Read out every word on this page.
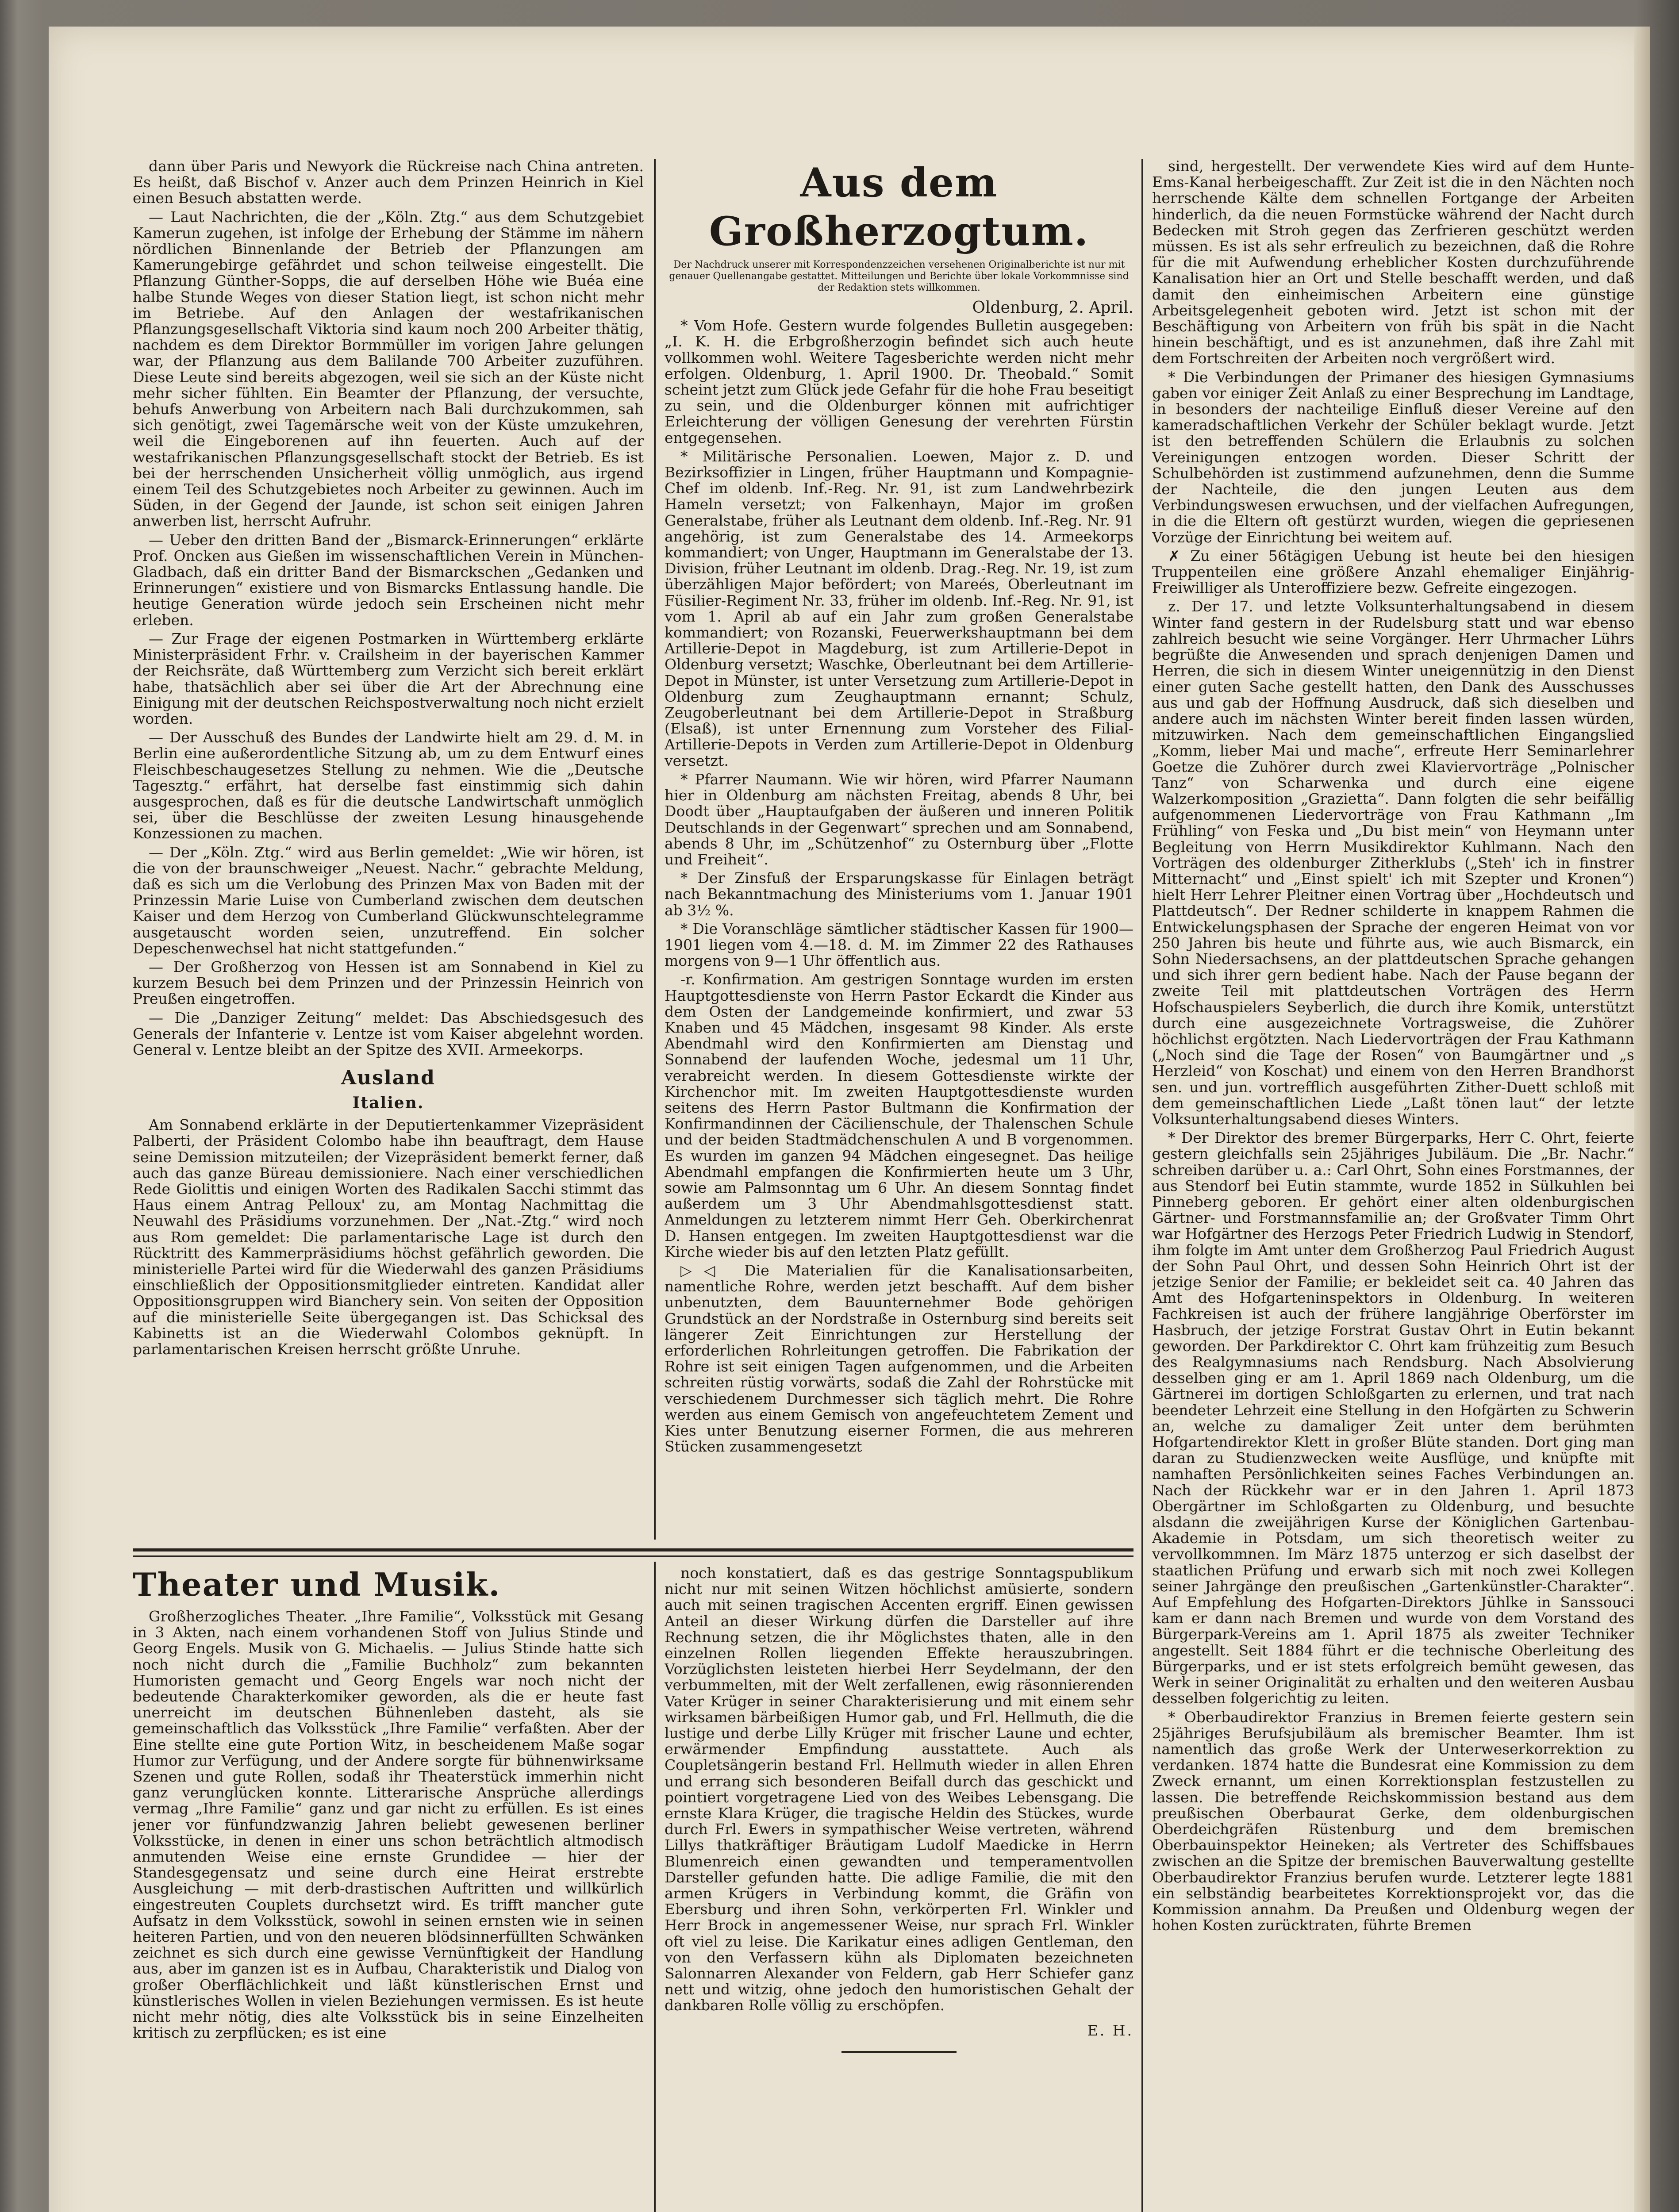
dann über Paris und Newyork die Rückreise nach China antreten. Es heißt, daß Bischof v. Anzer auch dem Prinzen Heinrich in Kiel einen Besuch abstatten werde.

— Laut Nachrichten, die der „Köln. Ztg.“ aus dem Schutzgebiet Kamerun zugehen, ist infolge der Erhebung der Stämme im nähern nördlichen Binnenlande der Betrieb der Pflanzungen am Kamerungebirge gefährdet und schon teilweise eingestellt. Die Pflanzung Günther-Sopps, die auf derselben Höhe wie Buéa eine halbe Stunde Weges von dieser Station liegt, ist schon nicht mehr im Betriebe. Auf den Anlagen der westafrikanischen Pflanzungsgesellschaft Viktoria sind kaum noch 200 Arbeiter thätig, nachdem es dem Direktor Bormmüller im vorigen Jahre gelungen war, der Pflanzung aus dem Balilande 700 Arbeiter zuzuführen. Diese Leute sind bereits abgezogen, weil sie sich an der Küste nicht mehr sicher fühlten. Ein Beamter der Pflanzung, der versuchte, behufs Anwerbung von Arbeitern nach Bali durchzukommen, sah sich genötigt, zwei Tagemärsche weit von der Küste umzukehren, weil die Eingeborenen auf ihn feuerten. Auch auf der westafrikanischen Pflanzungsgesellschaft stockt der Betrieb. Es ist bei der herrschenden Unsicherheit völlig unmöglich, aus irgend einem Teil des Schutzgebietes noch Arbeiter zu gewinnen. Auch im Süden, in der Gegend der Jaunde, ist schon seit einigen Jahren anwerben list, herrscht Aufruhr.

— Ueber den dritten Band der „Bismarck-Erinnerungen“ erklärte Prof. Oncken aus Gießen im wissenschaftlichen Verein in München-Gladbach, daß ein dritter Band der Bismarckschen „Gedanken und Erinnerungen“ existiere und von Bismarcks Entlassung handle. Die heutige Generation würde jedoch sein Erscheinen nicht mehr erleben.

— Zur Frage der eigenen Postmarken in Württemberg erklärte Ministerpräsident Frhr. v. Crailsheim in der bayerischen Kammer der Reichsräte, daß Württemberg zum Verzicht sich bereit erklärt habe, thatsächlich aber sei über die Art der Abrechnung eine Einigung mit der deutschen Reichspostverwaltung noch nicht erzielt worden.

— Der Ausschuß des Bundes der Landwirte hielt am 29. d. M. in Berlin eine außerordentliche Sitzung ab, um zu dem Entwurf eines Fleischbeschaugesetzes Stellung zu nehmen. Wie die „Deutsche Tagesztg.“ erfährt, hat derselbe fast einstimmig sich dahin ausgesprochen, daß es für die deutsche Landwirtschaft unmöglich sei, über die Beschlüsse der zweiten Lesung hinausgehende Konzessionen zu machen.

— Der „Köln. Ztg.“ wird aus Berlin gemeldet: „Wie wir hören, ist die von der braunschweiger „Neuest. Nachr.“ gebrachte Meldung, daß es sich um die Verlobung des Prinzen Max von Baden mit der Prinzessin Marie Luise von Cumberland zwischen dem deutschen Kaiser und dem Herzog von Cumberland Glückwunschtelegramme ausgetauscht worden seien, unzutreffend. Ein solcher Depeschenwechsel hat nicht stattgefunden.“

— Der Großherzog von Hessen ist am Sonnabend in Kiel zu kurzem Besuch bei dem Prinzen und der Prinzessin Heinrich von Preußen eingetroffen.

— Die „Danziger Zeitung“ meldet: Das Abschiedsgesuch des Generals der Infanterie v. Lentze ist vom Kaiser abgelehnt worden. General v. Lentze bleibt an der Spitze des XVII. Armeekorps.

Ausland
Italien.

Am Sonnabend erklärte in der Deputiertenkammer Vizepräsident Palberti, der Präsident Colombo habe ihn beauftragt, dem Hause seine Demission mitzuteilen; der Vizepräsident bemerkt ferner, daß auch das ganze Büreau demissioniere. Nach einer verschiedlichen Rede Giolittis und einigen Worten des Radikalen Sacchi stimmt das Haus einem Antrag Pelloux' zu, am Montag Nachmittag die Neuwahl des Präsidiums vorzunehmen. Der „Nat.-Ztg.“ wird noch aus Rom gemeldet: Die parlamentarische Lage ist durch den Rücktritt des Kammerpräsidiums höchst gefährlich geworden. Die ministerielle Partei wird für die Wiederwahl des ganzen Präsidiums einschließlich der Oppositionsmitglieder eintreten. Kandidat aller Oppositionsgruppen wird Bianchery sein. Von seiten der Opposition auf die ministerielle Seite übergegangen ist. Das Schicksal des Kabinetts ist an die Wiederwahl Colombos geknüpft. In parlamentarischen Kreisen herrscht größte Unruhe.

Aus dem Großherzogtum.
Der Nachdruck unserer mit Korrespondenzzeichen versehenen Originalberichte ist nur mit genauer Quellenangabe gestattet. Mitteilungen und Berichte über lokale Vorkommnisse sind der Redaktion stets willkommen.
Oldenburg, 2. April.

* Vom Hofe. Gestern wurde folgendes Bulletin ausgegeben: „I. K. H. die Erbgroßherzogin befindet sich auch heute vollkommen wohl. Weitere Tagesberichte werden nicht mehr erfolgen. Oldenburg, 1. April 1900. Dr. Theobald.“ Somit scheint jetzt zum Glück jede Gefahr für die hohe Frau beseitigt zu sein, und die Oldenburger können mit aufrichtiger Erleichterung der völligen Genesung der verehrten Fürstin entgegensehen.

* Militärische Personalien. Loewen, Major z. D. und Bezirksoffizier in Lingen, früher Hauptmann und Kompagnie-Chef im oldenb. Inf.-Reg. Nr. 91, ist zum Landwehrbezirk Hameln versetzt; von Falkenhayn, Major im großen Generalstabe, früher als Leutnant dem oldenb. Inf.-Reg. Nr. 91 angehörig, ist zum Generalstabe des 14. Armeekorps kommandiert; von Unger, Hauptmann im Generalstabe der 13. Division, früher Leutnant im oldenb. Drag.-Reg. Nr. 19, ist zum überzähligen Major befördert; von Mareés, Oberleutnant im Füsilier-Regiment Nr. 33, früher im oldenb. Inf.-Reg. Nr. 91, ist vom 1. April ab auf ein Jahr zum großen Generalstabe kommandiert; von Rozanski, Feuerwerkshauptmann bei dem Artillerie-Depot in Magdeburg, ist zum Artillerie-Depot in Oldenburg versetzt; Waschke, Oberleutnant bei dem Artillerie-Depot in Münster, ist unter Versetzung zum Artillerie-Depot in Oldenburg zum Zeughauptmann ernannt; Schulz, Zeugoberleutnant bei dem Artillerie-Depot in Straßburg (Elsaß), ist unter Ernennung zum Vorsteher des Filial-Artillerie-Depots in Verden zum Artillerie-Depot in Oldenburg versetzt.

* Pfarrer Naumann. Wie wir hören, wird Pfarrer Naumann hier in Oldenburg am nächsten Freitag, abends 8 Uhr, bei Doodt über „Hauptaufgaben der äußeren und inneren Politik Deutschlands in der Gegenwart“ sprechen und am Sonnabend, abends 8 Uhr, im „Schützenhof“ zu Osternburg über „Flotte und Freiheit“.

* Der Zinsfuß der Ersparungskasse für Einlagen beträgt nach Bekanntmachung des Ministeriums vom 1. Januar 1901 ab 3½ %.

* Die Voranschläge sämtlicher städtischer Kassen für 1900—1901 liegen vom 4.—18. d. M. im Zimmer 22 des Rathauses morgens von 9—1 Uhr öffentlich aus.

-r. Konfirmation. Am gestrigen Sonntage wurden im ersten Hauptgottesdienste von Herrn Pastor Eckardt die Kinder aus dem Osten der Landgemeinde konfirmiert, und zwar 53 Knaben und 45 Mädchen, insgesamt 98 Kinder. Als erste Abendmahl wird den Konfirmierten am Dienstag und Sonnabend der laufenden Woche, jedesmal um 11 Uhr, verabreicht werden. In diesem Gottesdienste wirkte der Kirchenchor mit. Im zweiten Hauptgottesdienste wurden seitens des Herrn Pastor Bultmann die Konfirmation der Konfirmandinnen der Cäcilienschule, der Thalenschen Schule und der beiden Stadtmädchenschulen A und B vorgenommen. Es wurden im ganzen 94 Mädchen eingesegnet. Das heilige Abendmahl empfangen die Konfirmierten heute um 3 Uhr, sowie am Palmsonntag um 6 Uhr. An diesem Sonntag findet außerdem um 3 Uhr Abendmahlsgottesdienst statt. Anmeldungen zu letzterem nimmt Herr Geh. Oberkirchenrat D. Hansen entgegen. Im zweiten Hauptgottesdienst war die Kirche wieder bis auf den letzten Platz gefüllt.

▷◁ Die Materialien für die Kanalisationsarbeiten, namentliche Rohre, werden jetzt beschafft. Auf dem bisher unbenutzten, dem Bauunternehmer Bode gehörigen Grundstück an der Nordstraße in Osternburg sind bereits seit längerer Zeit Einrichtungen zur Herstellung der erforderlichen Rohrleitungen getroffen. Die Fabrikation der Rohre ist seit einigen Tagen aufgenommen, und die Arbeiten schreiten rüstig vorwärts, sodaß die Zahl der Rohrstücke mit verschiedenem Durchmesser sich täglich mehrt. Die Rohre werden aus einem Gemisch von angefeuchtetem Zement und Kies unter Benutzung eiserner Formen, die aus mehreren Stücken zusammengesetzt

sind, hergestellt. Der verwendete Kies wird auf dem Hunte-Ems-Kanal herbeigeschafft. Zur Zeit ist die in den Nächten noch herrschende Kälte dem schnellen Fortgange der Arbeiten hinderlich, da die neuen Formstücke während der Nacht durch Bedecken mit Stroh gegen das Zerfrieren geschützt werden müssen. Es ist als sehr erfreulich zu bezeichnen, daß die Rohre für die mit Aufwendung erheblicher Kosten durchzuführende Kanalisation hier an Ort und Stelle beschafft werden, und daß damit den einheimischen Arbeitern eine günstige Arbeitsgelegenheit geboten wird. Jetzt ist schon mit der Beschäftigung von Arbeitern von früh bis spät in die Nacht hinein beschäftigt, und es ist anzunehmen, daß ihre Zahl mit dem Fortschreiten der Arbeiten noch vergrößert wird.

* Die Verbindungen der Primaner des hiesigen Gymnasiums gaben vor einiger Zeit Anlaß zu einer Besprechung im Landtage, in besonders der nachteilige Einfluß dieser Vereine auf den kameradschaftlichen Verkehr der Schüler beklagt wurde. Jetzt ist den betreffenden Schülern die Erlaubnis zu solchen Vereinigungen entzogen worden. Dieser Schritt der Schulbehörden ist zustimmend aufzunehmen, denn die Summe der Nachteile, die den jungen Leuten aus dem Verbindungswesen erwuchsen, und der vielfachen Aufregungen, in die die Eltern oft gestürzt wurden, wiegen die gepriesenen Vorzüge der Einrichtung bei weitem auf.

✗ Zu einer 56tägigen Uebung ist heute bei den hiesigen Truppenteilen eine größere Anzahl ehemaliger Einjährig-Freiwilliger als Unteroffiziere bezw. Gefreite eingezogen.

z. Der 17. und letzte Volksunterhaltungsabend in diesem Winter fand gestern in der Rudelsburg statt und war ebenso zahlreich besucht wie seine Vorgänger. Herr Uhrmacher Lührs begrüßte die Anwesenden und sprach denjenigen Damen und Herren, die sich in diesem Winter uneigennützig in den Dienst einer guten Sache gestellt hatten, den Dank des Ausschusses aus und gab der Hoffnung Ausdruck, daß sich dieselben und andere auch im nächsten Winter bereit finden lassen würden, mitzuwirken. Nach dem gemeinschaftlichen Eingangslied „Komm, lieber Mai und mache“, erfreute Herr Seminarlehrer Goetze die Zuhörer durch zwei Klaviervorträge „Polnischer Tanz“ von Scharwenka und durch eine eigene Walzerkomposition „Grazietta“. Dann folgten die sehr beifällig aufgenommenen Liedervorträge von Frau Kathmann „Im Frühling“ von Feska und „Du bist mein“ von Heymann unter Begleitung von Herrn Musikdirektor Kuhlmann. Nach den Vorträgen des oldenburger Zitherklubs („Steh' ich in finstrer Mitternacht“ und „Einst spielt' ich mit Szepter und Kronen“) hielt Herr Lehrer Pleitner einen Vortrag über „Hochdeutsch und Plattdeutsch“. Der Redner schilderte in knappem Rahmen die Entwickelungsphasen der Sprache der engeren Heimat von vor 250 Jahren bis heute und führte aus, wie auch Bismarck, ein Sohn Niedersachsens, an der plattdeutschen Sprache gehangen und sich ihrer gern bedient habe. Nach der Pause begann der zweite Teil mit plattdeutschen Vorträgen des Herrn Hofschauspielers Seyberlich, die durch ihre Komik, unterstützt durch eine ausgezeichnete Vortragsweise, die Zuhörer höchlichst ergötzten. Nach Liedervorträgen der Frau Kathmann („Noch sind die Tage der Rosen“ von Baumgärtner und „s Herzleid“ von Koschat) und einem von den Herren Brandhorst sen. und jun. vortrefflich ausgeführten Zither-Duett schloß mit dem gemeinschaftlichen Liede „Laßt tönen laut“ der letzte Volksunterhaltungsabend dieses Winters.

* Der Direktor des bremer Bürgerparks, Herr C. Ohrt, feierte gestern gleichfalls sein 25jähriges Jubiläum. Die „Br. Nachr.“ schreiben darüber u. a.: Carl Ohrt, Sohn eines Forstmannes, der aus Stendorf bei Eutin stammte, wurde 1852 in Sülkuhlen bei Pinneberg geboren. Er gehört einer alten oldenburgischen Gärtner- und Forstmannsfamilie an; der Großvater Timm Ohrt war Hofgärtner des Herzogs Peter Friedrich Ludwig in Stendorf, ihm folgte im Amt unter dem Großherzog Paul Friedrich August der Sohn Paul Ohrt, und dessen Sohn Heinrich Ohrt ist der jetzige Senior der Familie; er bekleidet seit ca. 40 Jahren das Amt des Hofgarteninspektors in Oldenburg. In weiteren Fachkreisen ist auch der frühere langjährige Oberförster im Hasbruch, der jetzige Forstrat Gustav Ohrt in Eutin bekannt geworden. Der Parkdirektor C. Ohrt kam frühzeitig zum Besuch des Realgymnasiums nach Rendsburg. Nach Absolvierung desselben ging er am 1. April 1869 nach Oldenburg, um die Gärtnerei im dortigen Schloßgarten zu erlernen, und trat nach beendeter Lehrzeit eine Stellung in den Hofgärten zu Schwerin an, welche zu damaliger Zeit unter dem berühmten Hofgartendirektor Klett in großer Blüte standen. Dort ging man daran zu Studienzwecken weite Ausflüge, und knüpfte mit namhaften Persönlichkeiten seines Faches Verbindungen an. Nach der Rückkehr war er in den Jahren 1. April 1873 Obergärtner im Schloßgarten zu Oldenburg, und besuchte alsdann die zweijährigen Kurse der Königlichen Gartenbau-Akademie in Potsdam, um sich theoretisch weiter zu vervollkommnen. Im März 1875 unterzog er sich daselbst der staatlichen Prüfung und erwarb sich mit noch zwei Kollegen seiner Jahrgänge den preußischen „Gartenkünstler-Charakter“. Auf Empfehlung des Hofgarten-Direktors Jühlke in Sanssouci kam er dann nach Bremen und wurde von dem Vorstand des Bürgerpark-Vereins am 1. April 1875 als zweiter Techniker angestellt. Seit 1884 führt er die technische Oberleitung des Bürgerparks, und er ist stets erfolgreich bemüht gewesen, das Werk in seiner Originalität zu erhalten und den weiteren Ausbau desselben folgerichtig zu leiten.

* Oberbaudirektor Franzius in Bremen feierte gestern sein 25jähriges Berufsjubiläum als bremischer Beamter. Ihm ist namentlich das große Werk der Unterweserkorrektion zu verdanken. 1874 hatte die Bundesrat eine Kommission zu dem Zweck ernannt, um einen Korrektionsplan festzustellen zu lassen. Die betreffende Reichskommission bestand aus dem preußischen Oberbaurat Gerke, dem oldenburgischen Oberdeichgräfen Rüstenburg und dem bremischen Oberbauinspektor Heineken; als Vertreter des Schiffsbaues zwischen an die Spitze der bremischen Bauverwaltung gestellte Oberbaudirektor Franzius berufen wurde. Letzterer legte 1881 ein selbständig bearbeitetes Korrektionsprojekt vor, das die Kommission annahm. Da Preußen und Oldenburg wegen der hohen Kosten zurücktraten, führte Bremen

Theater und Musik.

Großherzogliches Theater. „Ihre Familie“, Volksstück mit Gesang in 3 Akten, nach einem vorhandenen Stoff von Julius Stinde und Georg Engels. Musik von G. Michaelis. — Julius Stinde hatte sich noch nicht durch die „Familie Buchholz“ zum bekannten Humoristen gemacht und Georg Engels war noch nicht der bedeutende Charakterkomiker geworden, als die er heute fast unerreicht im deutschen Bühnenleben dasteht, als sie gemeinschaftlich das Volksstück „Ihre Familie“ verfaßten. Aber der Eine stellte eine gute Portion Witz, in bescheidenem Maße sogar Humor zur Verfügung, und der Andere sorgte für bühnenwirksame Szenen und gute Rollen, sodaß ihr Theaterstück immerhin nicht ganz verunglücken konnte. Litterarische Ansprüche allerdings vermag „Ihre Familie“ ganz und gar nicht zu erfüllen. Es ist eines jener vor fünfundzwanzig Jahren beliebt gewesenen berliner Volksstücke, in denen in einer uns schon beträchtlich altmodisch anmutenden Weise eine ernste Grundidee — hier der Standesgegensatz und seine durch eine Heirat erstrebte Ausgleichung — mit derb-drastischen Auftritten und willkürlich eingestreuten Couplets durchsetzt wird. Es trifft mancher gute Aufsatz in dem Volksstück, sowohl in seinen ernsten wie in seinen heiteren Partien, und von den neueren blödsinnerfüllten Schwänken zeichnet es sich durch eine gewisse Vernünftigkeit der Handlung aus, aber im ganzen ist es in Aufbau, Charakteristik und Dialog von großer Oberflächlichkeit und läßt künstlerischen Ernst und künstlerisches Wollen in vielen Beziehungen vermissen. Es ist heute nicht mehr nötig, dies alte Volksstück bis in seine Einzelheiten kritisch zu zerpflücken; es ist eine

noch konstatiert, daß es das gestrige Sonntagspublikum nicht nur mit seinen Witzen höchlichst amüsierte, sondern auch mit seinen tragischen Accenten ergriff. Einen gewissen Anteil an dieser Wirkung dürfen die Darsteller auf ihre Rechnung setzen, die ihr Möglichstes thaten, alle in den einzelnen Rollen liegenden Effekte herauszubringen. Vorzüglichsten leisteten hierbei Herr Seydelmann, der den verbummelten, mit der Welt zerfallenen, ewig räsonnierenden Vater Krüger in seiner Charakterisierung und mit einem sehr wirksamen bärbeißigen Humor gab, und Frl. Hellmuth, die die lustige und derbe Lilly Krüger mit frischer Laune und echter, erwärmender Empfindung ausstattete. Auch als Coupletsängerin bestand Frl. Hellmuth wieder in allen Ehren und errang sich besonderen Beifall durch das geschickt und pointiert vorgetragene Lied von des Weibes Lebensgang. Die ernste Klara Krüger, die tragische Heldin des Stückes, wurde durch Frl. Ewers in sympathischer Weise vertreten, während Lillys thatkräftiger Bräutigam Ludolf Maedicke in Herrn Blumenreich einen gewandten und temperamentvollen Darsteller gefunden hatte. Die adlige Familie, die mit den armen Krügers in Verbindung kommt, die Gräfin von Ebersburg und ihren Sohn, verkörperten Frl. Winkler und Herr Brock in angemessener Weise, nur sprach Frl. Winkler oft viel zu leise. Die Karikatur eines adligen Gentleman, den von den Verfassern kühn als Diplomaten bezeichneten Salonnarren Alexander von Feldern, gab Herr Schiefer ganz nett und witzig, ohne jedoch den humoristischen Gehalt der dankbaren Rolle völlig zu erschöpfen.

E. H.
